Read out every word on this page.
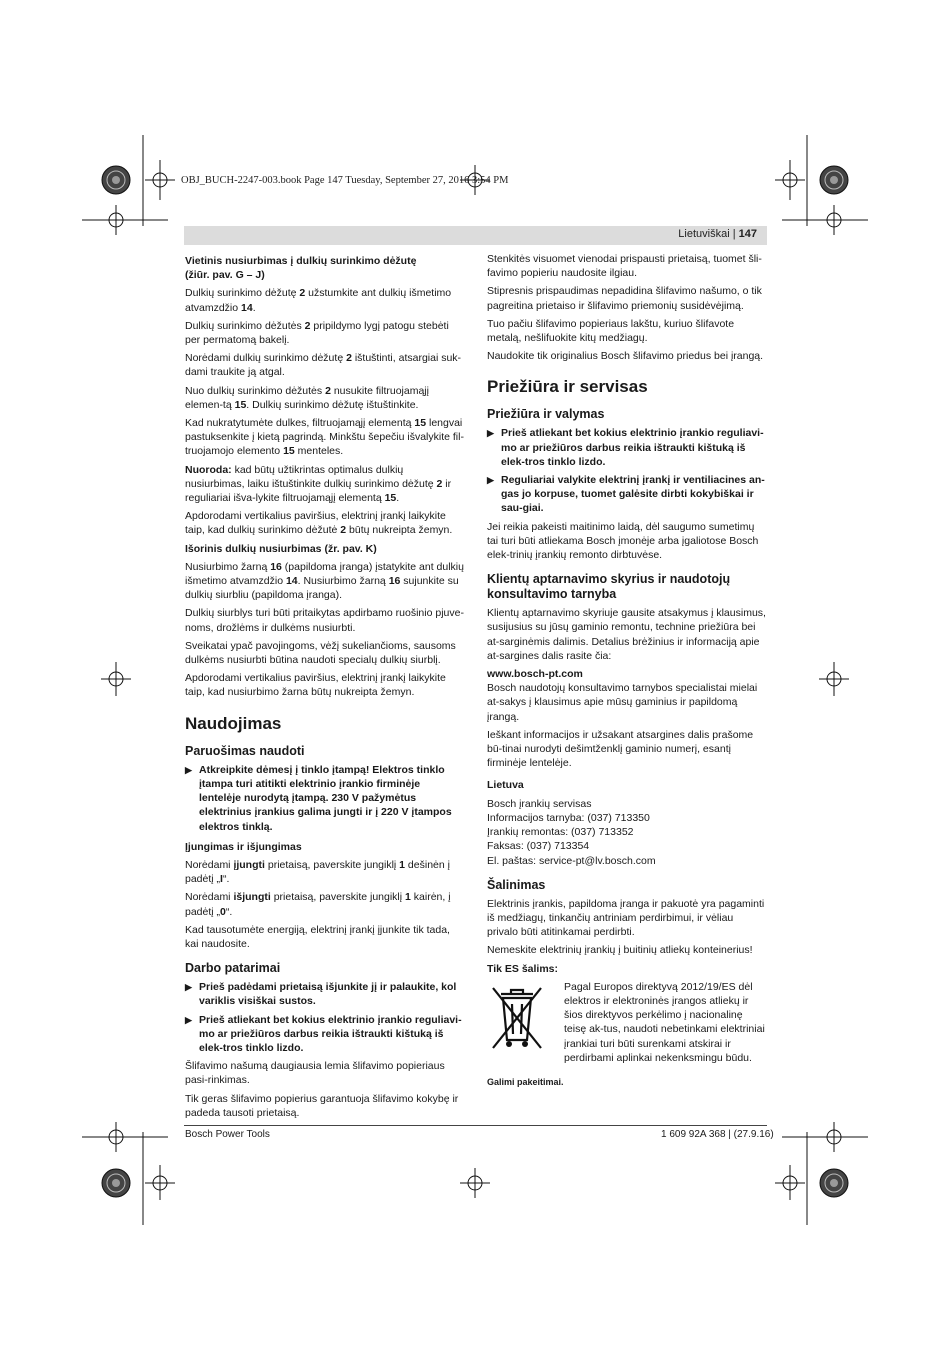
OBJ_BUCH-2247-003.book Page 147 Tuesday, September 27, 2016 3:54 PM
Lietuviškai | 147
Vietinis nusiurbimas į dulkių surinkimo dėžutę
(žiūr. pav. G – J)

Dulkių surinkimo dėžutę 2 užstumkite ant dulkių išmetimo atvamzdžio 14.

Dulkių surinkimo dėžutės 2 pripildymo lygį patogu stebėti per permatomą bakelį.

Norėdami dulkių surinkimo dėžutę 2 ištuštinti, atsargiai suk-dami traukite ją atgal.

Nuo dulkių surinkimo dėžutės 2 nusukite filtruojamąjį elemen-tą 15. Dulkių surinkimo dėžutę ištuštinkite.

Kad nukratytumėte dulkes, filtruojamąjį elementą 15 lengvai pastuksenkite į kietą pagrindą. Minkštu šepečiu išvalykite fil-truojamojo elemento 15 menteles.

Nuoroda: kad būtų užtikrintas optimalus dulkių nusiurbimas, laiku ištuštinkite dulkių surinkimo dėžutę 2 ir reguliariai išva-lykite filtruojamąjį elementą 15.

Apdorodami vertikalius paviršius, elektrinį įrankį laikykite taip, kad dulkių surinkimo dėžutė 2 būtų nukreipta žemyn.

Išorinis dulkių nusiurbimas (žr. pav. K)

Nusiurbimo žarną 16 (papildoma įranga) įstatykite ant dulkių išmetimo atvamzdžio 14. Nusiurbimo žarną 16 sujunkite su dulkių siurbliu (papildoma įranga).

Dulkių siurblys turi būti pritaikytas apdirbamo ruošinio pjuve-noms, drožlėms ir dulkėms nusiurbti.

Sveikatai ypač pavojingoms, vėžį sukeliančioms, sausoms dulkėms nusiurbti būtina naudoti specialų dulkių siurblį.

Apdorodami vertikalius paviršius, elektrinį įrankį laikykite taip, kad nusiurbimo žarna būtų nukreipta žemyn.

Naudojimas
Paruošimas naudoti
▶ Atkreipkite dėmesį į tinklo įtampą! Elektros tinklo įtampa turi atitikti elektrinio įrankio firminėje lentelėje nurodytą įtampą. 230 V pažymėtus elektrinius įrankius galima jungti ir į 220 V įtampos elektros tinklą.
Įjungimas ir išjungimas

Norėdami įjungti prietaisą, paverskite jungiklį 1 dešinėn į padėtį „I“.

Norėdami išjungti prietaisą, paverskite jungiklį 1 kairėn, į padėtį „0“.

Kad tausotumėte energiją, elektrinį įrankį įjunkite tik tada, kai naudosite.

Darbo patarimai
▶ Prieš padėdami prietaisą išjunkite jį ir palaukite, kol variklis visiškai sustos.
▶ Prieš atliekant bet kokius elektrinio įrankio reguliavi-mo ar priežiūros darbus reikia ištraukti kištuką iš elek-tros tinklo lizdo.

Šlifavimo našumą daugiausia lemia šlifavimo popieriaus pasi-rinkimas.

Tik geras šlifavimo popierius garantuoja šlifavimo kokybę ir padeda tausoti prietaisą.

Stenkitės visuomet vienodai prispausti prietaisą, tuomet šli-favimo popieriu naudosite ilgiau.

Stipresnis prispaudimas nepadidina šlifavimo našumo, o tik pagreitina prietaiso ir šlifavimo priemonių susidėvėjimą.

Tuo pačiu šlifavimo popieriaus lakštu, kuriuo šlifavote metalą, nešlifuokite kitų medžiagų.

Naudokite tik originalius Bosch šlifavimo priedus bei įrangą.

Priežiūra ir servisas
Priežiūra ir valymas
▶ Prieš atliekant bet kokius elektrinio įrankio reguliavi-mo ar priežiūros darbus reikia ištraukti kištuką iš elek-tros tinklo lizdo.
▶ Reguliariai valykite elektrinį įrankį ir ventiliacines an-gas jo korpuse, tuomet galėsite dirbti kokybiškai ir sau-giai.

Jei reikia pakeisti maitinimo laidą, dėl saugumo sumetimų tai turi būti atliekama Bosch įmonėje arba įgaliotose Bosch elek-trinių įrankių remonto dirbtuvėse.

Klientų aptarnavimo skyrius ir naudotojų konsultavimo tarnyba

Klientų aptarnavimo skyriuje gausite atsakymus į klausimus, susijusius su jūsų gaminio remontu, technine priežiūra bei at-sarginėmis dalimis. Detalius brėžinius ir informaciją apie at-sargines dalis rasite čia:

www.bosch-pt.com

Bosch naudotojų konsultavimo tarnybos specialistai mielai at-sakys į klausimus apie mūsų gaminius ir papildomą įrangą.

Ieškant informacijos ir užsakant atsargines dalis prašome bū-tinai nurodyti dešimtženklį gaminio numerį, esantį firminėje lentelėje.

Lietuva
Bosch įrankių servisas
Informacijos tarnyba: (037) 713350
Įrankių remontas: (037) 713352
Faksas: (037) 713354
El. paštas: service-pt@lv.bosch.com
Šalinimas

Elektrinis įrankis, papildoma įranga ir pakuotė yra pagaminti iš medžiagų, tinkančių antriniam perdirbimui, ir vėliau privalo būti atitinkamai perdirbti.

Nemeskite elektrinių įrankių į buitinių atliekų konteinerius!

Tik ES šalims:

Pagal Europos direktyvą 2012/19/ES dėl elektros ir elektroninės įrangos atliekų ir šios direktyvos perkėlimo į nacionalinę teisę ak-tus, naudoti nebetinkami elektriniai įrankiai turi būti surenkami atskirai ir perdirbami aplinkai nekenksmingu būdu.

Galimi pakeitimai.
Bosch Power Tools	1 609 92A 368 | (27.9.16)
